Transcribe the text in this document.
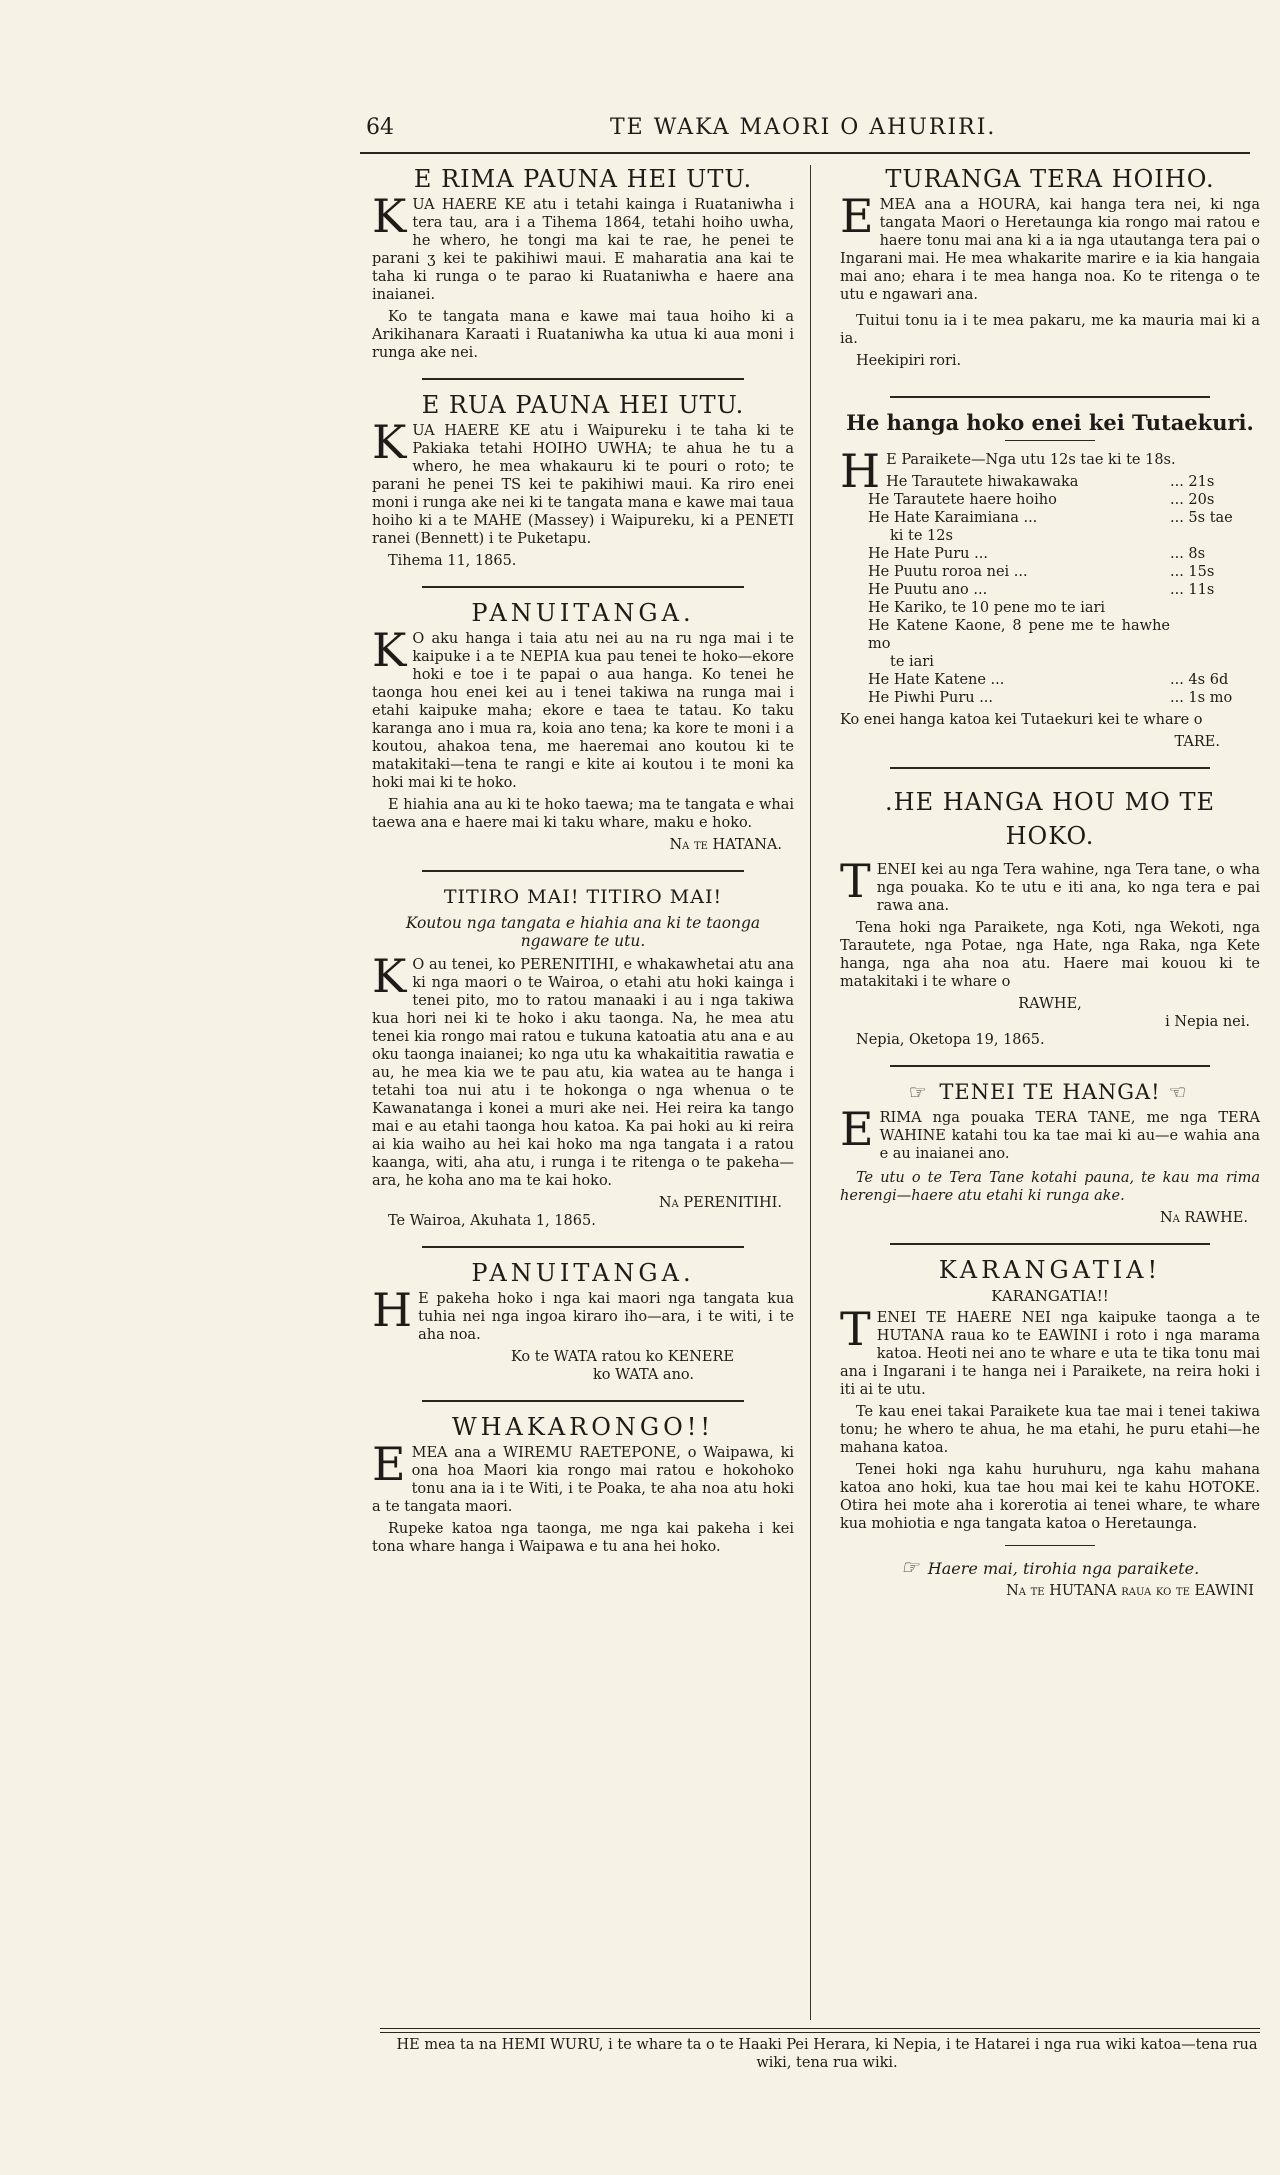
64	TE WAKA MAORI O AHURIRI.
E RIMA PAUNA HEI UTU.

KUA HAERE KE atu i tetahi kainga i Ruataniwha i tera tau, ara i a Tihema 1864, tetahi hoiho uwha, he whero, he tongi ma kai te rae, he penei te parani ʒ kei te pakihiwi maui. E maharatia ana kai te taha ki runga o te parao ki Ruataniwha e haere ana inaianei.

Ko te tangata mana e kawe mai taua hoiho ki a Arikihanara Karaati i Ruataniwha ka utua ki aua moni i runga ake nei.

E RUA PAUNA HEI UTU.

KUA HAERE KE atu i Waipureku i te taha ki te Pakiaka tetahi HOIHO UWHA; te ahua he tu a whero, he mea whakauru ki te pouri o roto; te parani he penei TS kei te pakihiwi maui. Ka riro enei moni i runga ake nei ki te tangata mana e kawe mai taua hoiho ki a te MAHE (Massey) i Waipureku, ki a PENETI ranei (Bennett) i te Puketapu.

Tihema 11, 1865.

PANUITANGA.

K O aku hanga i taia atu nei au na ru nga mai i te kaipuke i a te NEPIA kua pau tenei te hoko—ekore hoki e toe i te papai o aua hanga. Ko tenei he taonga hou enei kei au i tenei takiwa na runga mai i etahi kaipuke maha; ekore e taea te tatau. Ko taku karanga ano i mua ra, koia ano tena; ka kore te moni i a koutou, ahakoa tena, me haeremai ano koutou ki te matakitaki—tena te rangi e kite ai koutou i te moni ka hoki mai ki te hoko.

E hiahia ana au ki te hoko taewa; ma te tangata e whai taewa ana e haere mai ki taku whare, maku e hoko.

Na te HATANA.
TITIRO MAI! TITIRO MAI!

Koutou nga tangata e hiahia ana ki te taonga ngaware te utu.

K O au tenei, ko PERENITIHI, e whakawhetai atu ana ki nga maori o te Wairoa, o etahi atu hoki kainga i tenei pito, mo to ratou manaaki i au i nga takiwa kua hori nei ki te hoko i aku taonga. Na, he mea atu tenei kia rongo mai ratou e tukuna katoatia atu ana e au oku taonga inaianei; ko nga utu ka whakaititia rawatia e au, he mea kia we te pau atu, kia watea au te hanga i tetahi toa nui atu i te hokonga o nga whenua o te Kawanatanga i konei a muri ake nei. Hei reira ka tango mai e au etahi taonga hou katoa. Ka pai hoki au ki reira ai kia waiho au hei kai hoko ma nga tangata i a ratou kaanga, witi, aha atu, i runga i te ritenga o te pakeha—ara, he koha ano ma te kai hoko.

Na PERENITIHI.

Te Wairoa, Akuhata 1, 1865.

PANUITANGA.

H E pakeha hoko i nga kai maori nga tangata kua tuhia nei nga ingoa kiraro iho—ara, i te witi, i te aha noa.

Ko te WATA ratou ko KENERE
ko WATA ano.
WHAKARONGO!!

EMEA ana a WIREMU RAETEPONE, o Waipawa, ki ona hoa Maori kia rongo mai ratou e hokohoko tonu ana ia i te Witi, i te Poaka, te aha noa atu hoki a te tangata maori.

Rupeke katoa nga taonga, me nga kai pakeha i kei tona whare hanga i Waipawa e tu ana hei hoko.

TURANGA TERA HOIHO.

EMEA ana a HOURA, kai hanga tera nei, ki nga tangata Maori o Heretaunga kia rongo mai ratou e haere tonu mai ana ki a ia nga utautanga tera pai o Ingarani mai. He mea whakarite marire e ia kia hangaia mai ano; ehara i te mea hanga noa. Ko te ritenga o te utu e ngawari ana.

Tuitui tonu ia i te mea pakaru, me ka mauria mai ki a ia.

Heekipiri rori.

He hanga hoko enei kei Tutaekuri.

H E Paraikete—Nga utu 12s tae ki te 18s.

He Tarautete hiwakawaka	... 21s
He Tarautete haere hoiho	... 20s
He Hate Karaimiana ...	... 5s tae
ki te 12s
He Hate Puru ...	... 8s
He Puutu roroa nei ...	... 15s
He Puutu ano ...	... 11s
He Kariko, te 10 pene mo te iari
He Katene Kaone, 8 pene me te hawhe mo
te iari
He Hate Katene ...	... 4s 6d
He Piwhi Puru ...	... 1s mo

Ko enei hanga katoa kei Tutaekuri kei te whare o

TARE.
.HE HANGA HOU MO TE HOKO.

TENEI kei au nga Tera wahine, nga Tera tane, o wha nga pouaka. Ko te utu e iti ana, ko nga tera e pai rawa ana.

Tena hoki nga Paraikete, nga Koti, nga Wekoti, nga Tarautete, nga Potae, nga Hate, nga Raka, nga Kete hanga, nga aha noa atu. Haere mai kouou ki te matakitaki i te whare o

RAWHE,
i Nepia nei.

Nepia, Oketopa 19, 1865.

☞ TENEI TE HANGA! ☜

ERIMA nga pouaka TERA TANE, me nga TERA WAHINE katahi tou ka tae mai ki au—e wahia ana e au inaianei ano.

Te utu o te Tera Tane kotahi pauna, te kau ma rima herengi—haere atu etahi ki runga ake.

Na RAWHE.
KARANGATIA!
KARANGATIA!!

TENEI TE HAERE NEI nga kaipuke taonga a te HUTANA raua ko te EAWINI i roto i nga marama katoa. Heoti nei ano te whare e uta te tika tonu mai ana i Ingarani i te hanga nei i Paraikete, na reira hoki i iti ai te utu.

Te kau enei takai Paraikete kua tae mai i tenei takiwa tonu; he whero te ahua, he ma etahi, he puru etahi—he mahana katoa.

Tenei hoki nga kahu huruhuru, nga kahu mahana katoa ano hoki, kua tae hou mai kei te kahu HOTOKE. Otira hei mote aha i korerotia ai tenei whare, te whare kua mohiotia e nga tangata katoa o Heretaunga.

☞ Haere mai, tirohia nga paraikete.

Na te HUTANA raua ko te EAWINI
HE mea ta na HEMI WURU, i te whare ta o te Haaki Pei Herara, ki Nepia, i te Hatarei i nga rua wiki katoa—tena rua wiki, tena rua wiki.
